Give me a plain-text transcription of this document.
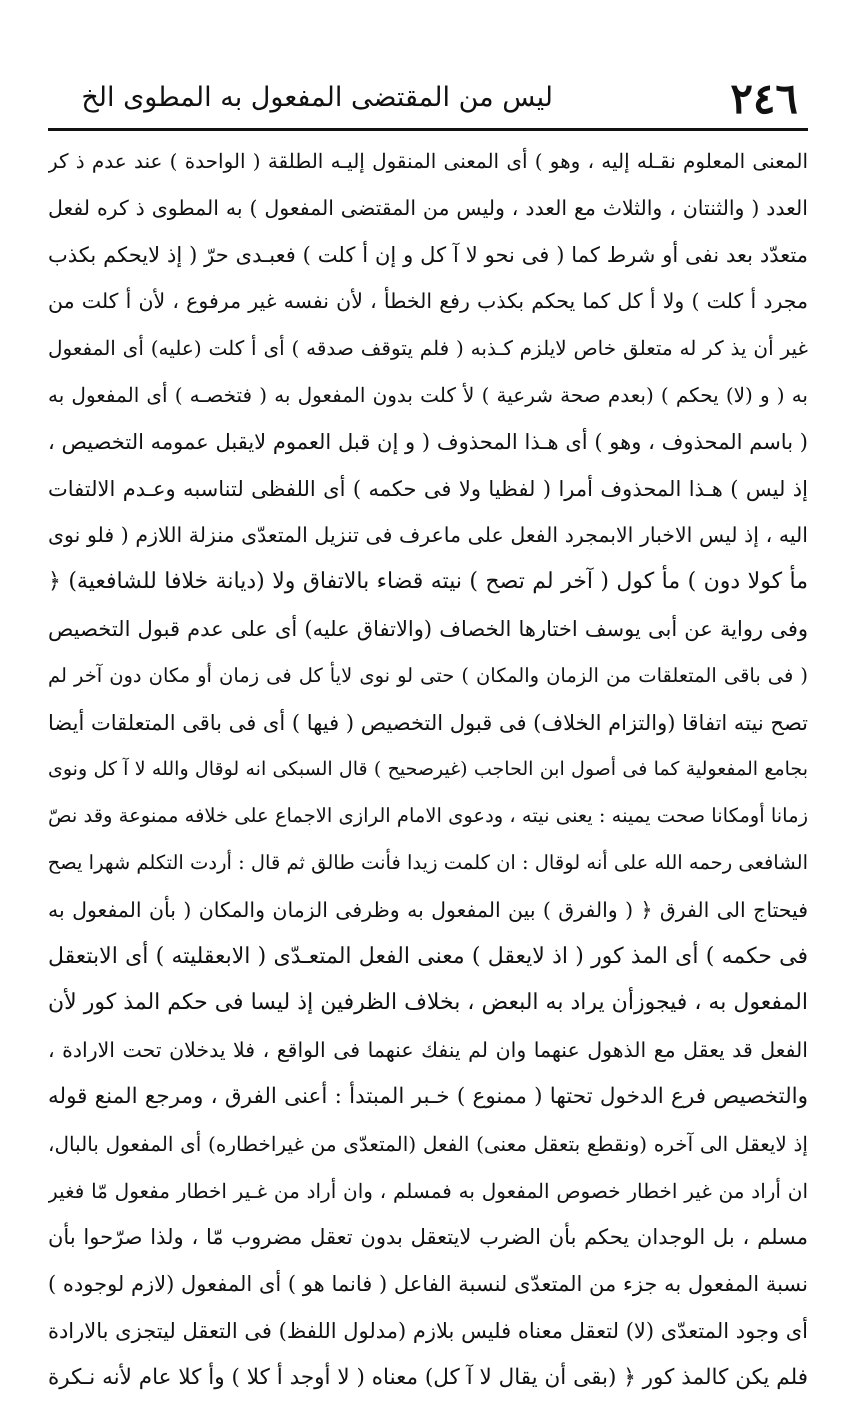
٢٤٦
ليس من المقتضى المفعول به المطوى الخ
المعنى المعلوم نقـله إليه ، وهو ) أى المعنى المنقول إليـه الطلقة ( الواحدة ) عند عدم ذ كر
العدد ( والثنتان ، والثلاث مع العدد ، وليس من المقتضى المفعول ) به المطوى ذ كره لفعل
متعدّد بعد نفى أو شرط كما ( فى نحو لا آ كل و إن أ كلت ) فعبـدى حرّ ( إذ لايحكم بكذب
مجرد أ كلت ) ولا أ كل كما يحكم بكذب رفع الخطأ ، لأن نفسه غير مرفوع ، لأن أ كلت من
غير أن يذ كر له متعلق خاص لايلزم كـذبه ( فلم يتوقف صدقه ) أى أ كلت (عليه) أى المفعول
به ( و (لا) يحكم ) (بعدم صحة شرعية ) لأ كلت بدون المفعول به ( فتخصـه ) أى المفعول به
( باسم المحذوف ، وهو ) أى هـذا المحذوف ( و إن قبل العموم لايقبل عمومه التخصيص ،
إذ ليس ) هـذا المحذوف أمرا ( لفظيا ولا فى حكمه ) أى اللفظى لتناسبه وعـدم الالتفات
اليه ، إذ ليس الاخبار الابمجرد الفعل على ماعرف فى تنزيل المتعدّى منزلة اللازم ( فلو نوى
مأ كولا دون ) مأ كول ( آخر لم تصح ) نيته قضاء بالاتفاق ولا (ديانة خلافا للشافعية) ﴿
وفى رواية عن أبى يوسف اختارها الخصاف (والاتفاق عليه) أى على عدم قبول التخصيص
( فى باقى المتعلقات من الزمان والمكان ) حتى لو نوى لايأ كل فى زمان أو مكان دون آخر لم
تصح نيته اتفاقا (والتزام الخلاف) فى قبول التخصيص ( فيها ) أى فى باقى المتعلقات أيضا
بجامع المفعولية كما فى أصول ابن الحاجب (غيرصحيح ) قال السبكى انه لوقال والله لا آ كل ونوى
زمانا أومكانا صحت يمينه : يعنى نيته ، ودعوى الامام الرازى الاجماع على خلافه ممنوعة وقد نصّ
الشافعى رحمه الله على أنه لوقال : ان كلمت زيدا فأنت طالق ثم قال : أردت التكلم شهرا يصح
فيحتاج الى الفرق ﴿ ( والفرق ) بين المفعول به وظرفى الزمان والمكان ( بأن المفعول به
فى حكمه ) أى المذ كور ( اذ لايعقل ) معنى الفعل المتعـدّى ( الابعقليته ) أى الابتعقل
المفعول به ، فيجوزأن يراد به البعض ، بخلاف الظرفين إذ ليسا فى حكم المذ كور لأن
الفعل قد يعقل مع الذهول عنهما وان لم ينفك عنهما فى الواقع ، فلا يدخلان تحت الارادة ،
والتخصيص فرع الدخول تحتها ( ممنوع ) خـبر المبتدأ : أعنى الفرق ، ومرجع المنع قوله
إذ لايعقل الى آخره (ونقطع بتعقل معنى) الفعل (المتعدّى من غيراخطاره) أى المفعول بالبال،
ان أراد من غير اخطار خصوص المفعول به فمسلم ، وان أراد من غـير اخطار مفعول مّا فغير
مسلم ، بل الوجدان يحكم بأن الضرب لايتعقل بدون تعقل مضروب مّا ، ولذا صرّحوا بأن
نسبة المفعول به جزء من المتعدّى لنسبة الفاعل ( فانما هو ) أى المفعول (لازم لوجوده )
أى وجود المتعدّى (لا) لتعقل معناه فليس بلازم (مدلول اللفظ) فى التعقل ليتجزى بالارادة
فلم يكن كالمذ كور ﴿ (بقى أن يقال لا آ كل) معناه ( لا أوجد أ كلا ) وأ كلا عام لأنه نـكرة
